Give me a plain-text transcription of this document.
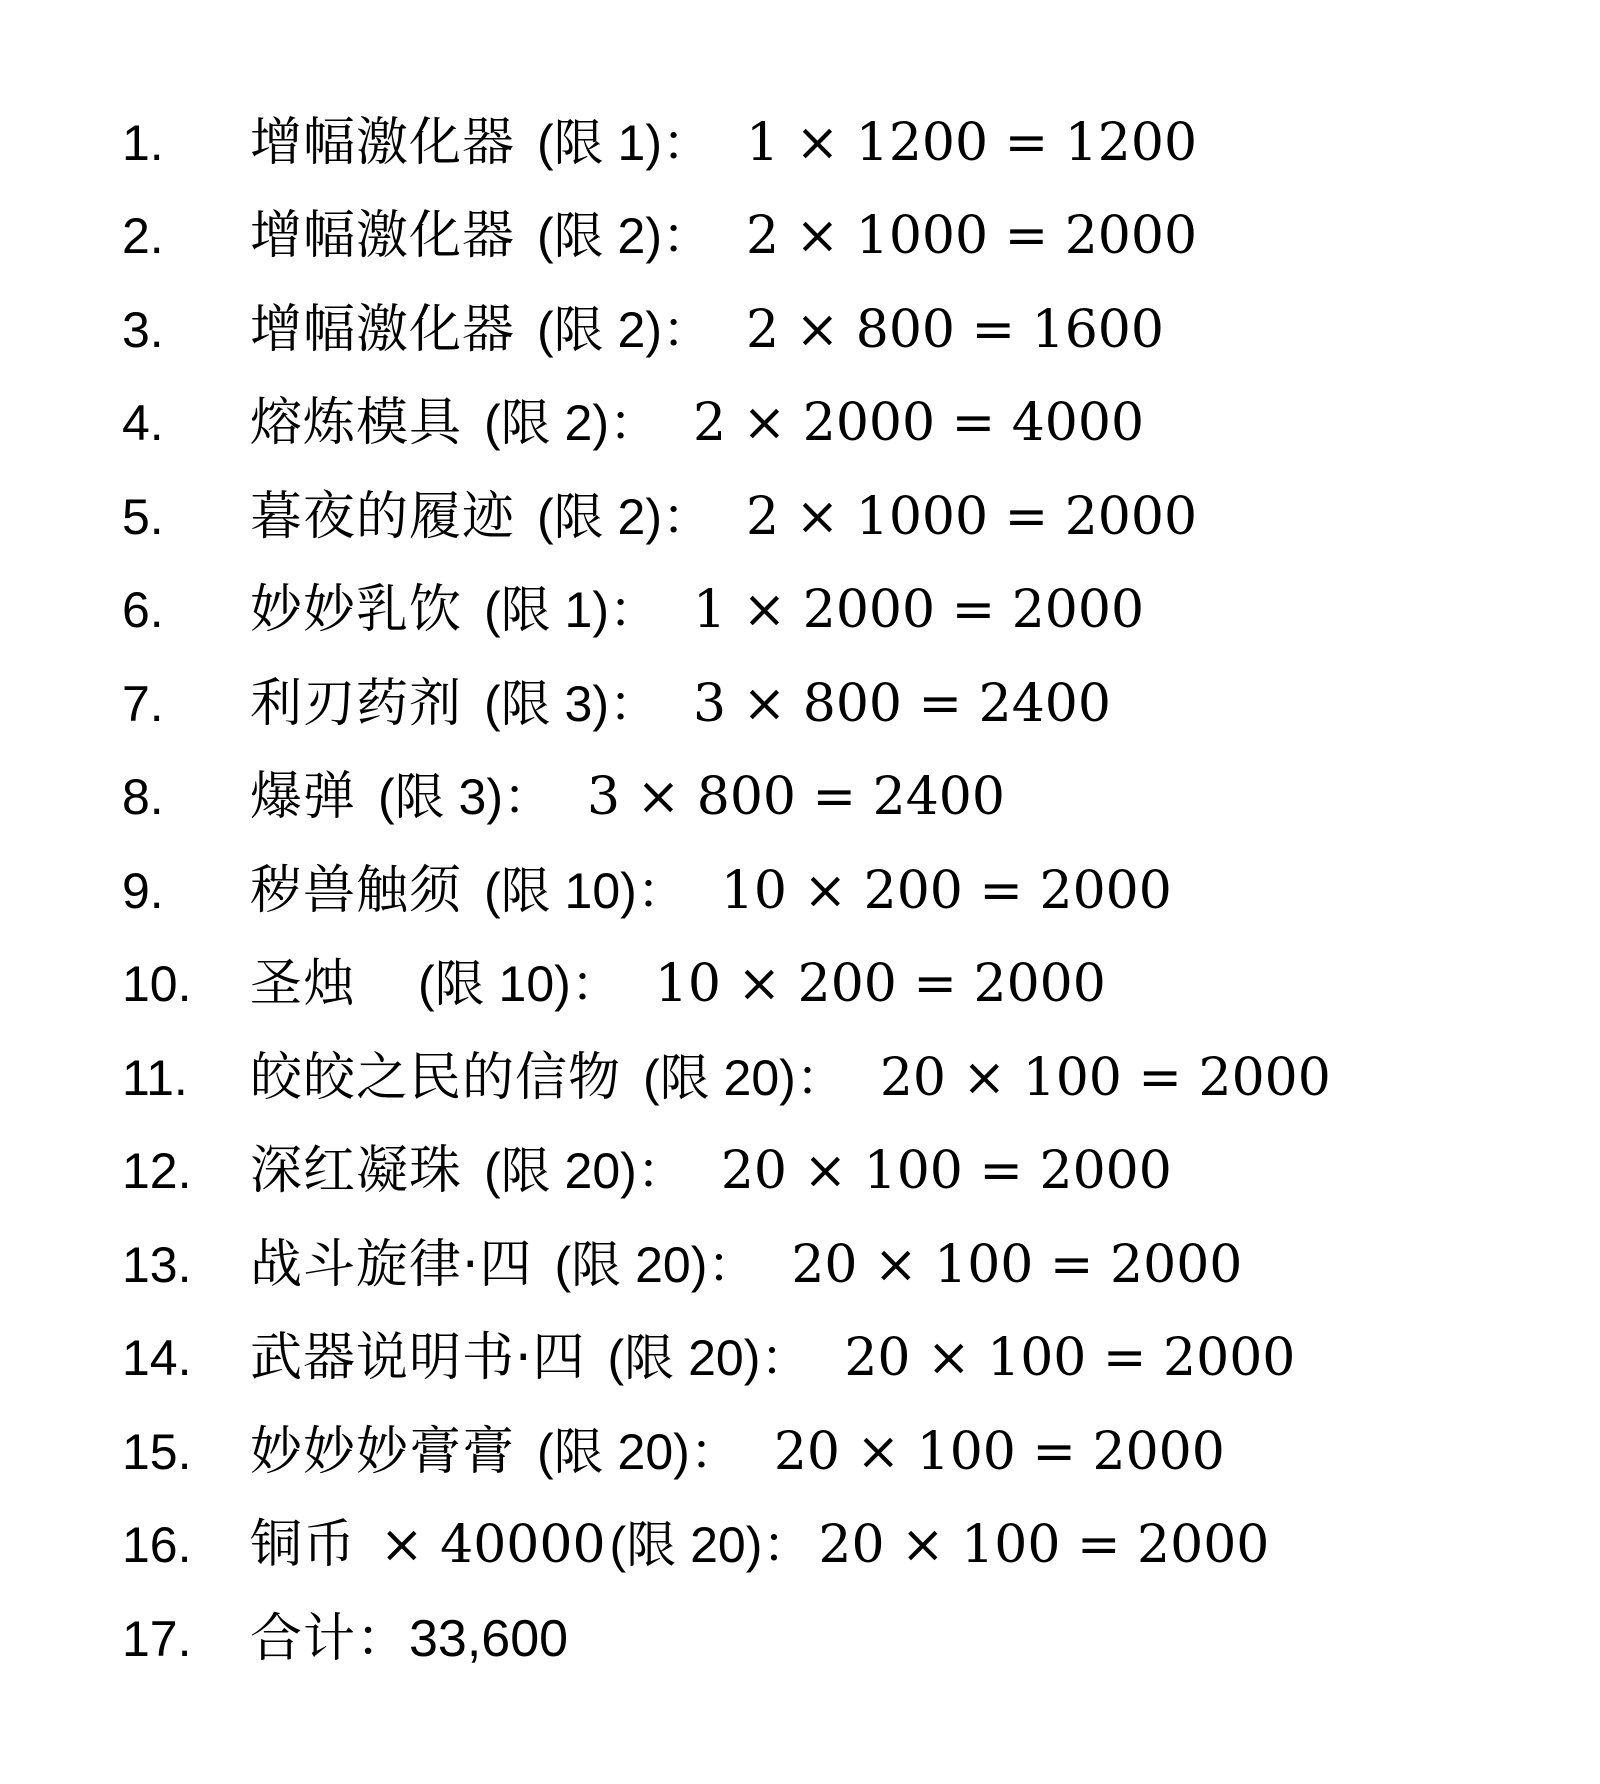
1.	增幅激化器 (限 1) ： 1 × 1200 = 1200
2.	增幅激化器 (限 2) ： 2 × 1000 = 2000
3.	增幅激化器 (限 2) ： 2 × 800 = 1600
4.	熔炼模具 (限 2) ： 2 × 2000 = 4000
5.	暮夜的履迹 (限 2) ： 2 × 1000 = 2000
6.	妙妙乳饮 (限 1) ： 1 × 2000 = 2000
7.	利刃药剂 (限 3) ： 3 × 800 = 2400
8.	爆弹 (限 3) ： 3 × 800 = 2400
9.	秽兽触须 (限 10) ： 10 × 200 = 2000
10.	圣烛 (限 10) ： 10 × 200 = 2000
11.	皎皎之民的信物 (限 20) ： 20 × 100 = 2000
12.	深红凝珠 (限 20) ： 20 × 100 = 2000
13.	战斗旋律·四 (限 20) ： 20 × 100 = 2000
14.	武器说明书·四 (限 20) ： 20 × 100 = 2000
15.	妙妙妙膏膏 (限 20) ： 20 × 100 = 2000
16.	铜币 × 40000 (限 20) ： 20 × 100 = 2000
17.	合计： 33,600
